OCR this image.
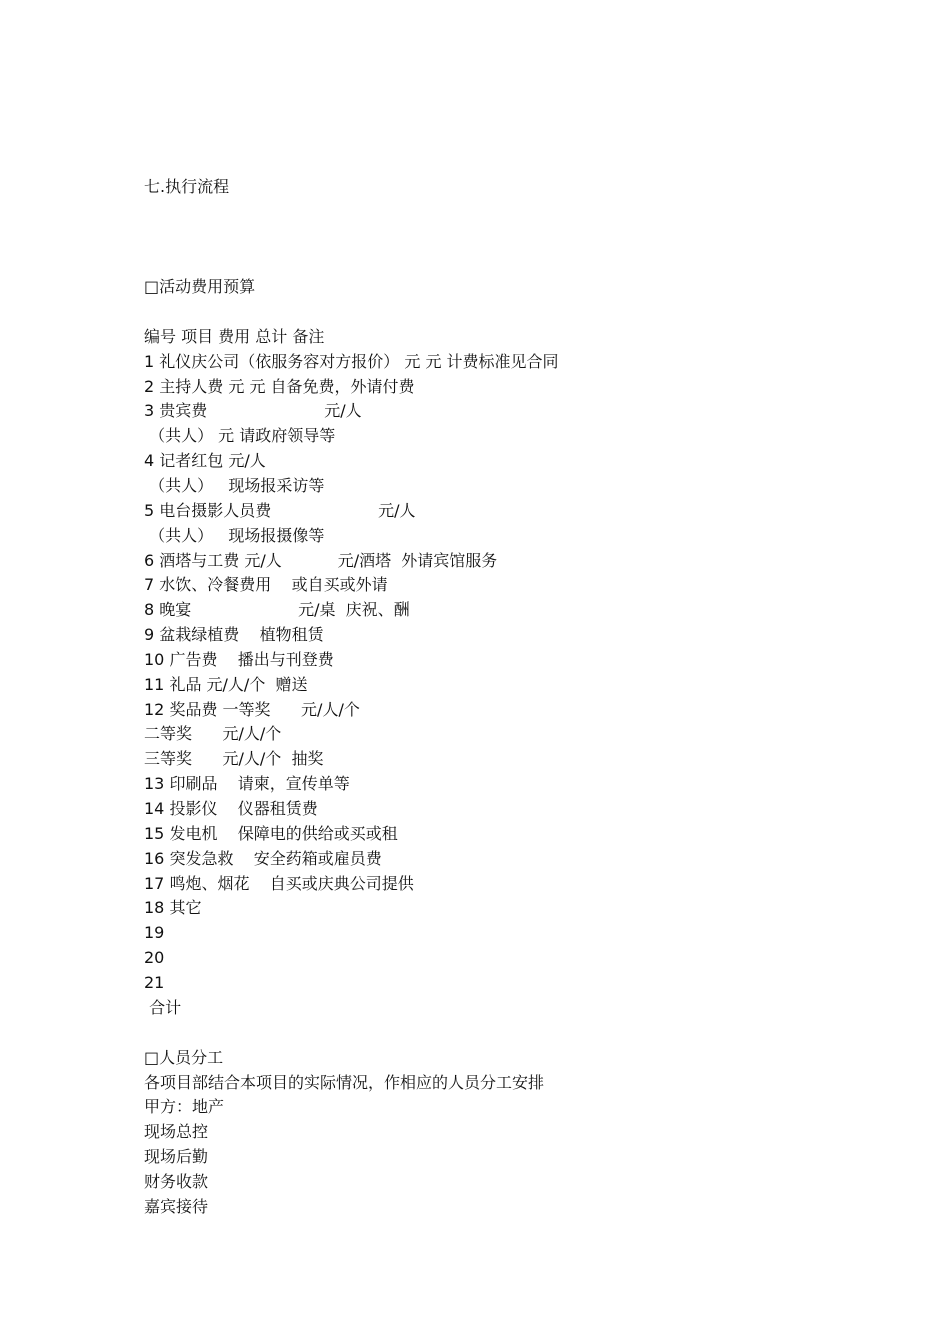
七.执行流程
□活动费用预算
编号 项目 费用 总计 备注
1 礼仪庆公司（依服务容对方报价） 元 元 计费标准见合同
2 主持人费 元 元 自备免费，外请付费
3 贵宾费                       元/人
（共人） 元 请政府领导等
4 记者红包 元/人
（共人）   现场报采访等
5 电台摄影人员费                     元/人
（共人）   现场报摄像等
6 酒塔与工费 元/人           元/酒塔  外请宾馆服务
7 水饮、冷餐费用    或自买或外请
8 晚宴                     元/桌  庆祝、酬
9 盆栽绿植费    植物租赁
10 广告费    播出与刊登费
11 礼品 元/人/个  赠送
12 奖品费 一等奖      元/人/个
二等奖      元/人/个
三等奖      元/人/个  抽奖
13 印刷品    请柬，宣传单等
14 投影仪    仪器租赁费
15 发电机    保障电的供给或买或租
16 突发急救    安全药箱或雇员费
17 鸣炮、烟花    自买或庆典公司提供
18 其它
19
20
21
合计
□人员分工
各项目部结合本项目的实际情况，作相应的人员分工安排
甲方：地产
现场总控
现场后勤
财务收款
嘉宾接待
